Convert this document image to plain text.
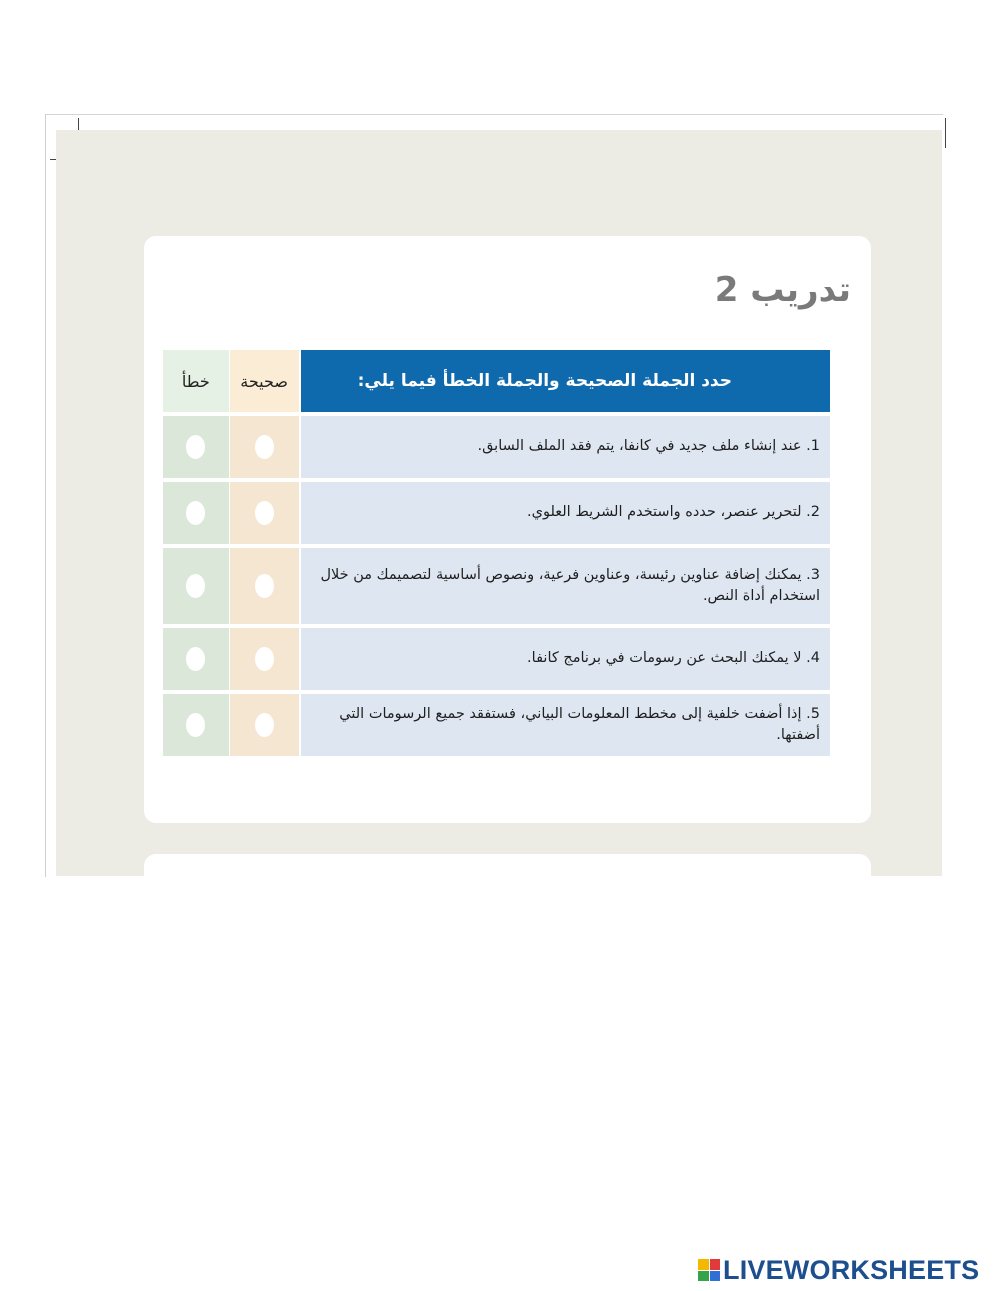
تدريب 2
خطأ	صحيحة	حدد الجملة الصحيحة والجملة الخطأ فيما يلي:
		1. عند إنشاء ملف جديد في كانفا، يتم فقد الملف السابق.
		2. لتحرير عنصر، حدده واستخدم الشريط العلوي.
		3. يمكنك إضافة عناوين رئيسة، وعناوين فرعية، ونصوص أساسية لتصميمك من خلال استخدام أداة النص.
		4. لا يمكنك البحث عن رسومات في برنامج كانفا.
		5. إذا أضفت خلفية إلى مخطط المعلومات البياني، فستفقد جميع الرسومات التي أضفتها.
LIVEWORKSHEETS
